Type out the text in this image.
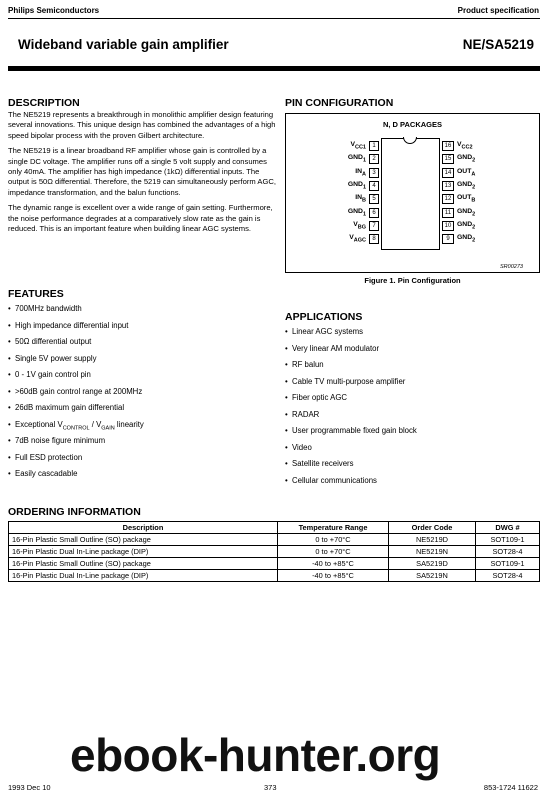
Philips Semiconductors	Product specification
Wideband variable gain amplifier	NE/SA5219
DESCRIPTION

The NE5219 represents a breakthrough in monolithic amplifier design featuring several innovations. This unique design has combined the advantages of a high speed bipolar process with the proven Gilbert architecture.

The NE5219 is a linear broadband RF amplifier whose gain is controlled by a single DC voltage. The amplifier runs off a single 5 volt supply and consumes only 40mA. The amplifier has high impedance (1kΩ) differential inputs. The output is 50Ω differential. Therefore, the 5219 can simultaneously perform AGC, impedance transformation, and the balun functions.

The dynamic range is excellent over a wide range of gain setting. Furthermore, the noise performance degrades at a comparatively slow rate as the gain is reduced. This is an important feature when building linear AGC systems.

PIN CONFIGURATION
N, D PACKAGES
$V_{CC1}$	1
$GND_1$	2
$IN_A$	3
$GND_1$	4
$IN_B$	5
$GND_1$	6
$V_{BG}$	7
$V_{AGC}$	8
16 $V_{CC2}$
15 $GND_2$
14 $OUT_A$
13 $GND_2$
12 $OUT_B$
11 $GND_2$
10 $GND_2$
9	$GND_2$
SR00273
Figure 1. Pin Configuration
FEATURES
• 700MHz bandwidth
• High impedance differential input
• 50Ω differential output
• Single 5V power supply
• 0 - 1V gain control pin
• >60dB gain control range at 200MHz
• 26dB maximum gain differential
• Exceptional $V_{CONTROL} / V_{GAIN}$ linearity
• 7dB noise figure minimum
• Full ESD protection
• Easily cascadable
APPLICATIONS
• Linear AGC systems
• Very linear AM modulator
• RF balun
• Cable TV multi-purpose amplifier
• Fiber optic AGC
• RADAR
• User programmable fixed gain block
• Video
• Satellite receivers
• Cellular communications
ORDERING INFORMATION
Description	Temperature Range	Order Code	DWG #
16-Pin Plastic Small Outline (SO) package	0 to +70°C	NE5219D	SOT109-1
16-Pin Plastic Dual In-Line package (DIP)	0 to +70°C	NE5219N	SOT28-4
16-Pin Plastic Small Outline (SO) package	-40 to +85°C	SA5219D	SOT109-1
16-Pin Plastic Dual In-Line package (DIP)	-40 to +85°C	SA5219N	SOT28-4
ebook-hunter.org
1993 Dec 10	373	853-1724 11622
